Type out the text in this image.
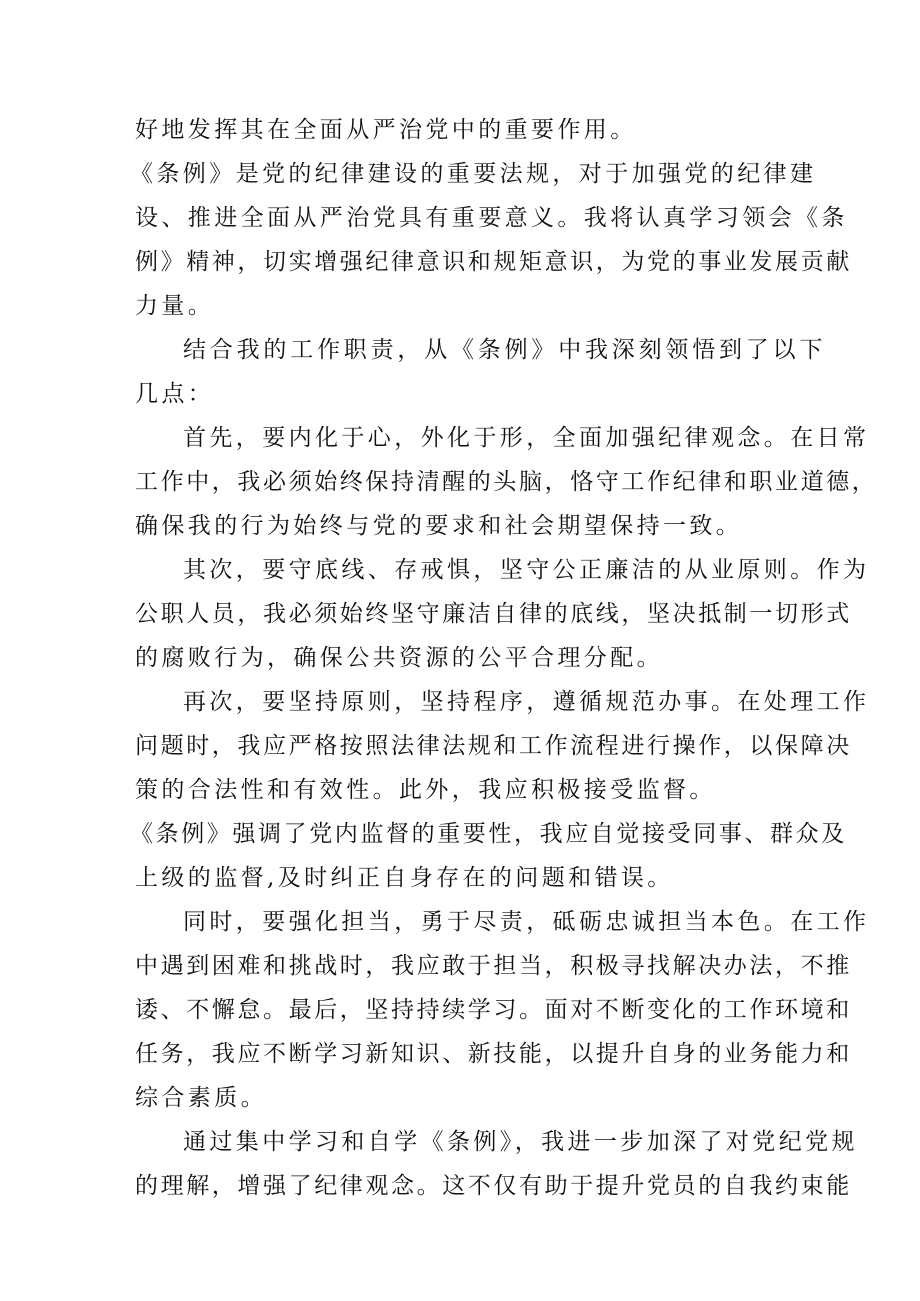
好地发挥其在全面从严治党中的重要作用。

《条例》是党的纪律建设的重要法规，对于加强党的纪律建

设、推进全面从严治党具有重要意义。我将认真学习领会《条

例》精神，切实增强纪律意识和规矩意识，为党的事业发展贡献

力量。

结合我的工作职责，从《条例》中我深刻领悟到了以下

几点：

首先，要内化于心，外化于形，全面加强纪律观念。在日常

工作中，我必须始终保持清醒的头脑，恪守工作纪律和职业道德，

确保我的行为始终与党的要求和社会期望保持一致。

其次，要守底线、存戒惧，坚守公正廉洁的从业原则。作为

公职人员，我必须始终坚守廉洁自律的底线，坚决抵制一切形式

的腐败行为，确保公共资源的公平合理分配。

再次，要坚持原则，坚持程序，遵循规范办事。在处理工作

问题时，我应严格按照法律法规和工作流程进行操作，以保障决

策的合法性和有效性。此外，我应积极接受监督。

《条例》强调了党内监督的重要性，我应自觉接受同事、群众及

上级的监督,及时纠正自身存在的问题和错误。

同时，要强化担当，勇于尽责，砥砺忠诚担当本色。在工作

中遇到困难和挑战时，我应敢于担当，积极寻找解决办法，不推

诿、不懈怠。最后，坚持持续学习。面对不断变化的工作环境和

任务，我应不断学习新知识、新技能，以提升自身的业务能力和

综合素质。

通过集中学习和自学《条例》，我进一步加深了对党纪党规

的理解，增强了纪律观念。这不仅有助于提升党员的自我约束能
